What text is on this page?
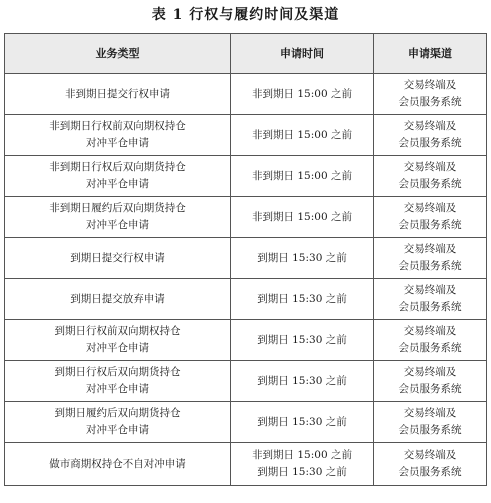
表 1 行权与履约时间及渠道
业务类型	申请时间	申请渠道

非到期日提交行权申请	非到期日 15:00 之前	交易终端及
会员服务系统

非到期日行权前双向期权持仓
对冲平仓申请	非到期日 15:00 之前	交易终端及
会员服务系统

非到期日行权后双向期货持仓
对冲平仓申请	非到期日 15:00 之前	交易终端及
会员服务系统

非到期日履约后双向期货持仓
对冲平仓申请	非到期日 15:00 之前	交易终端及
会员服务系统

到期日提交行权申请	到期日 15:30 之前	交易终端及
会员服务系统

到期日提交放弃申请	到期日 15:30 之前	交易终端及
会员服务系统

到期日行权前双向期权持仓
对冲平仓申请	到期日 15:30 之前	交易终端及
会员服务系统

到期日行权后双向期货持仓
对冲平仓申请	到期日 15:30 之前	交易终端及
会员服务系统

到期日履约后双向期货持仓
对冲平仓申请	到期日 15:30 之前	交易终端及
会员服务系统

做市商期权持仓不自对冲申请	非到期日 15:00 之前
到期日 15:30 之前	交易终端及
会员服务系统
